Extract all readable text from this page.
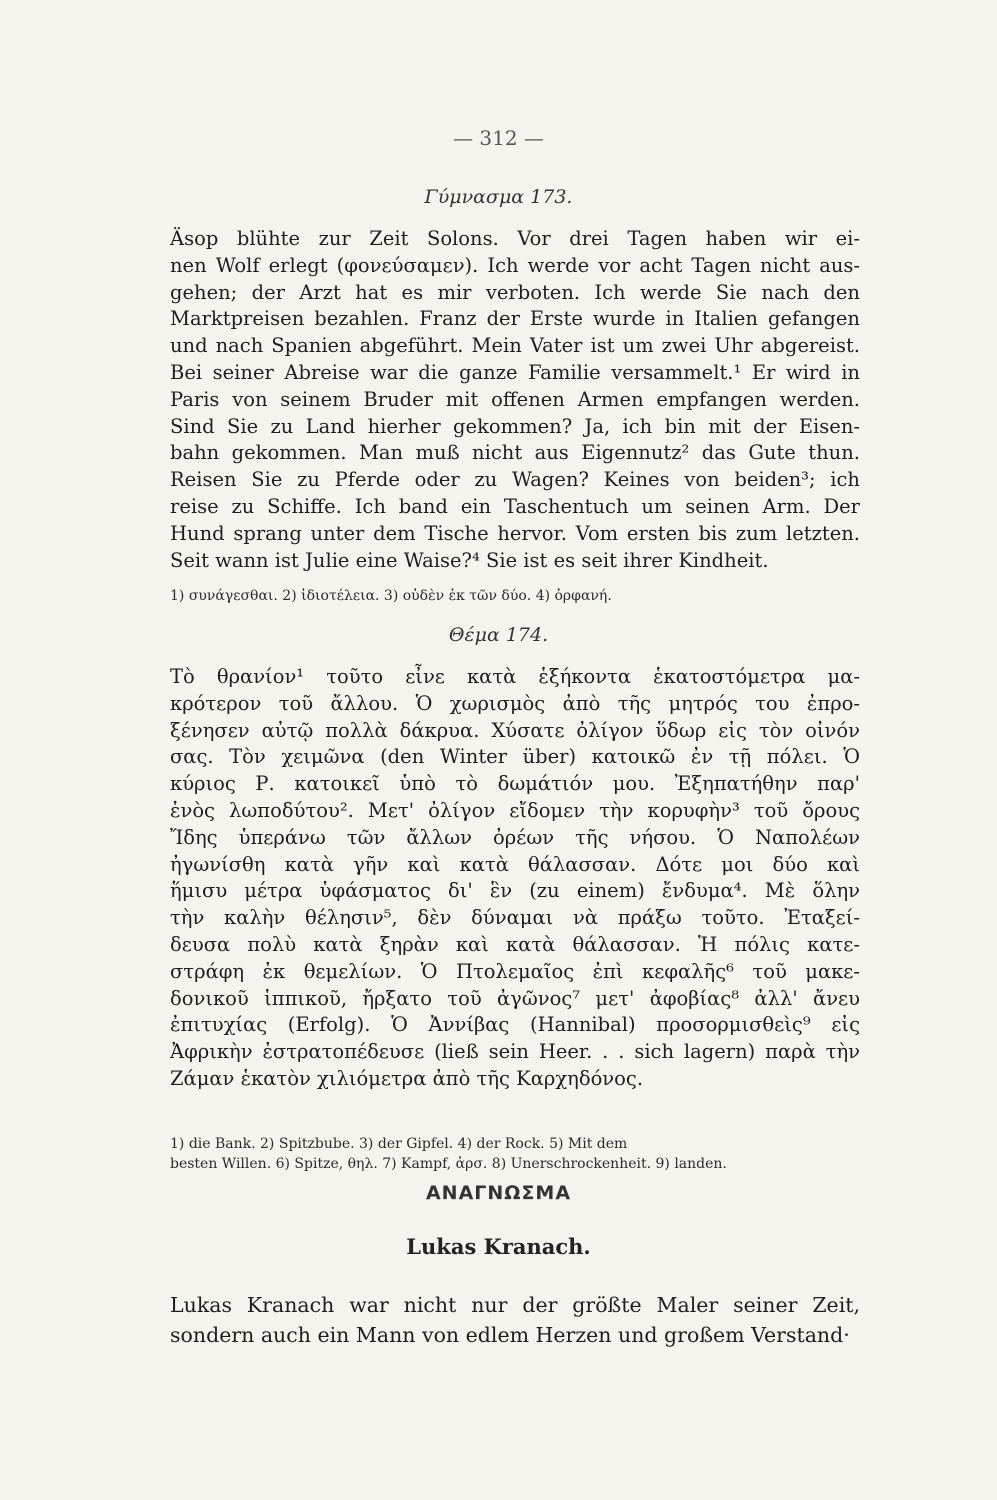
— 312 —
Γύμνασμα 173.
Äsop blühte zur Zeit Solons. Vor drei Tagen haben wir ei-
nen Wolf erlegt (φονεύσαμεν). Ich werde vor acht Tagen nicht aus-
gehen; der Arzt hat es mir verboten. Ich werde Sie nach den
Marktpreisen bezahlen. Franz der Erste wurde in Italien gefangen
und nach Spanien abgeführt. Mein Vater ist um zwei Uhr abgereist.
Bei seiner Abreise war die ganze Familie versammelt.¹ Er wird in
Paris von seinem Bruder mit offenen Armen empfangen werden.
Sind Sie zu Land hierher gekommen? Ja, ich bin mit der Eisen-
bahn gekommen. Man muß nicht aus Eigennutz² das Gute thun.
Reisen Sie zu Pferde oder zu Wagen? Keines von beiden³; ich
reise zu Schiffe. Ich band ein Taschentuch um seinen Arm. Der
Hund sprang unter dem Tische hervor. Vom ersten bis zum letzten.
Seit wann ist Julie eine Waise?⁴ Sie ist es seit ihrer Kindheit.
1) συνάγεσθαι. 2) ἰδιοτέλεια. 3) οὐδὲν ἐκ τῶν δύο. 4) ὀρφανή.
Θέμα 174.
Τὸ θρανίον¹ τοῦτο εἶνε κατὰ ἑξήκοντα ἑκατοστόμετρα μα-
κρότερον τοῦ ἄλλου. Ὁ χωρισμὸς ἀπὸ τῆς μητρός του ἐπρο-
ξένησεν αὐτῷ πολλὰ δάκρυα. Χύσατε ὀλίγον ὕδωρ εἰς τὸν οἰνόν
σας. Τὸν χειμῶνα (den Winter über) κατοικῶ ἐν τῇ πόλει. Ὁ
κύριος Ρ. κατοικεῖ ὑπὸ τὸ δωμάτιόν μου. Ἐξηπατήθην παρ'
ἑνὸς λωποδύτου². Μετ' ὀλίγον εἴδομεν τὴν κορυφὴν³ τοῦ ὄρους
Ἴδης ὑπεράνω τῶν ἄλλων ὀρέων τῆς νήσου. Ὁ Ναπολέων
ἠγωνίσθη κατὰ γῆν καὶ κατὰ θάλασσαν. Δότε μοι δύο καὶ
ἥμισυ μέτρα ὑφάσματος δι' ἓν (zu einem) ἔνδυμα⁴. Μὲ ὅλην
τὴν καλὴν θέλησιν⁵, δὲν δύναμαι νὰ πράξω τοῦτο. Ἐταξεί-
δευσα πολὺ κατὰ ξηρὰν καὶ κατὰ θάλασσαν. Ἡ πόλις κατε-
στράφη ἐκ θεμελίων. Ὁ Πτολεμαῖος ἐπὶ κεφαλῆς⁶ τοῦ μακε-
δονικοῦ ἱππικοῦ, ἤρξατο τοῦ ἀγῶνος⁷ μετ' ἀφοβίας⁸ ἀλλ' ἄνευ
ἐπιτυχίας (Erfolg). Ὁ Ἀννίβας (Hannibal) προσορμισθεὶς⁹ εἰς
Ἀφρικὴν ἐστρατοπέδευσε (ließ sein Heer. . . sich lagern) παρὰ τὴν
Ζάμαν ἑκατὸν χιλιόμετρα ἀπὸ τῆς Καρχηδόνος.
1) die Bank. 2) Spitzbube. 3) der Gipfel. 4) der Rock. 5) Mit dem
besten Willen. 6) Spitze, θηλ. 7) Kampf, ἀρσ. 8) Unerschrockenheit. 9) landen.
ΑΝΑΓΝΩΣΜΑ
Lukas Kranach.
Lukas Kranach war nicht nur der größte Maler seiner Zeit,
sondern auch ein Mann von edlem Herzen und großem Verstand·
